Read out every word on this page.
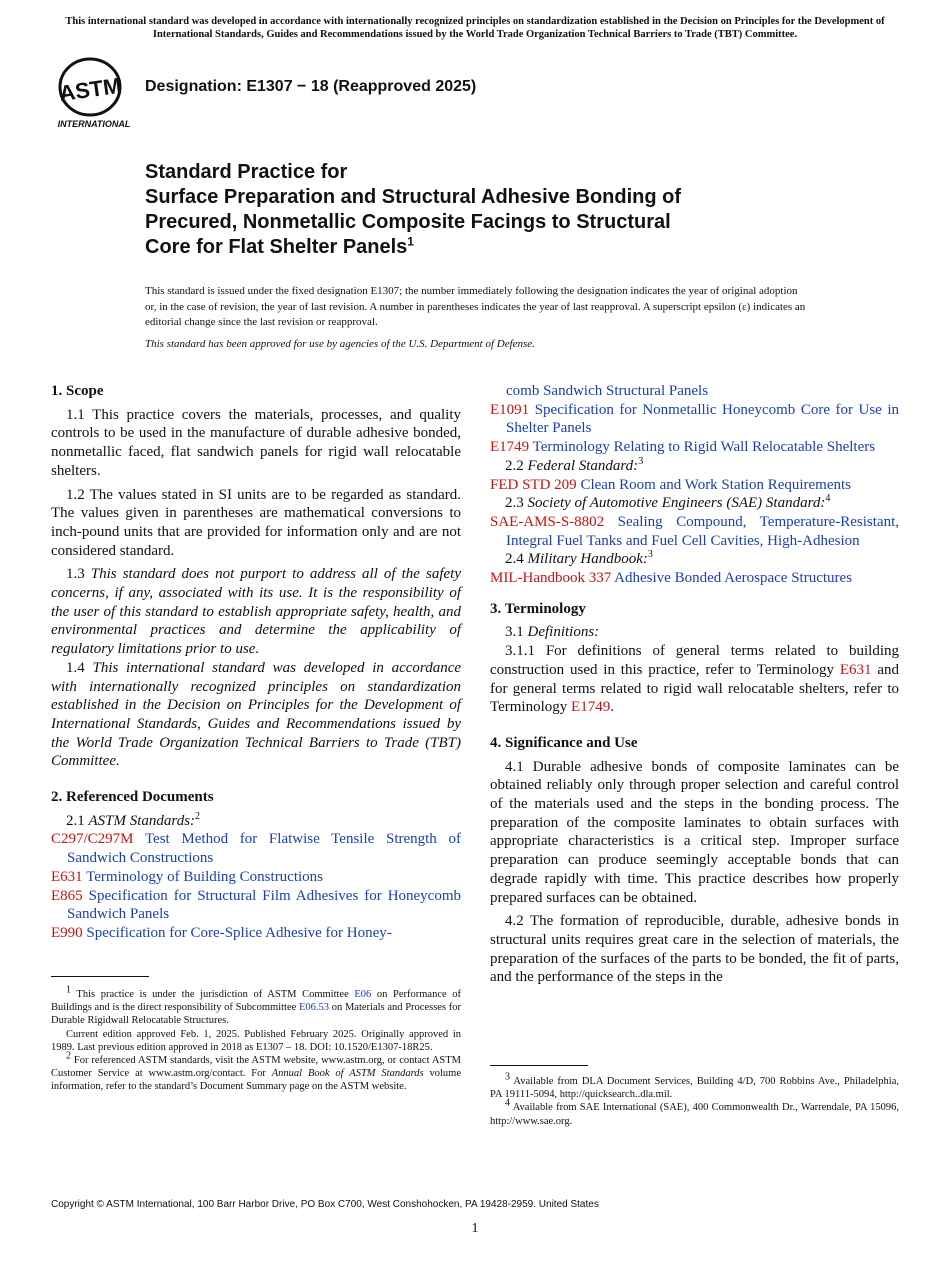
This international standard was developed in accordance with internationally recognized principles on standardization established in the Decision on Principles for the Development of International Standards, Guides and Recommendations issued by the World Trade Organization Technical Barriers to Trade (TBT) Committee.
ASTM
INTERNATIONAL
Designation: E1307 − 18 (Reapproved 2025)
Standard Practice for
Surface Preparation and Structural Adhesive Bonding of
Precured, Nonmetallic Composite Facings to Structural
Core for Flat Shelter Panels$^1$
This standard is issued under the fixed designation E1307; the number immediately following the designation indicates the year of original adoption or, in the case of revision, the year of last revision. A number in parentheses indicates the year of last reapproval. A superscript epsilon (ε) indicates an editorial change since the last revision or reapproval.
This standard has been approved for use by agencies of the U.S. Department of Defense.
1. Scope
1.1 This practice covers the materials, processes, and quality controls to be used in the manufacture of durable adhesive bonded, nonmetallic faced, flat sandwich panels for rigid wall relocatable shelters.
1.2 The values stated in SI units are to be regarded as standard. The values given in parentheses are mathematical conversions to inch-pound units that are provided for information only and are not considered standard.
1.3 This standard does not purport to address all of the safety concerns, if any, associated with its use. It is the responsibility of the user of this standard to establish appropriate safety, health, and environmental practices and determine the applicability of regulatory limitations prior to use.
1.4 This international standard was developed in accordance with internationally recognized principles on standardization established in the Decision on Principles for the Development of International Standards, Guides and Recommendations issued by the World Trade Organization Technical Barriers to Trade (TBT) Committee.
2. Referenced Documents
2.1 ASTM Standards:$^2$
C297/C297M Test Method for Flatwise Tensile Strength of Sandwich Constructions
E631 Terminology of Building Constructions
E865 Specification for Structural Film Adhesives for Honeycomb Sandwich Panels
E990 Specification for Core-Splice Adhesive for Honey-

$^1$ This practice is under the jurisdiction of ASTM Committee E06 on Performance of Buildings and is the direct responsibility of Subcommittee E06.53 on Materials and Processes for Durable Rigidwall Relocatable Structures.

Current edition approved Feb. 1, 2025. Published February 2025. Originally approved in 1989. Last previous edition approved in 2018 as E1307 – 18. DOI: 10.1520/E1307-18R25.

$^2$ For referenced ASTM standards, visit the ASTM website, www.astm.org, or contact ASTM Customer Service at www.astm.org/contact. For Annual Book of ASTM Standards volume information, refer to the standard’s Document Summary page on the ASTM website.

comb Sandwich Structural Panels
E1091 Specification for Nonmetallic Honeycomb Core for Use in Shelter Panels
E1749 Terminology Relating to Rigid Wall Relocatable Shelters
2.2 Federal Standard:$^3$
FED STD 209 Clean Room and Work Station Requirements
2.3 Society of Automotive Engineers (SAE) Standard:$^4$
SAE-AMS-S-8802 Sealing Compound, Temperature-Resistant, Integral Fuel Tanks and Fuel Cell Cavities, High-Adhesion
2.4 Military Handbook:$^3$
MIL-Handbook 337 Adhesive Bonded Aerospace Structures
3. Terminology
3.1 Definitions:
3.1.1 For definitions of general terms related to building construction used in this practice, refer to Terminology E631 and for general terms related to rigid wall relocatable shelters, refer to Terminology E1749.
4. Significance and Use
4.1 Durable adhesive bonds of composite laminates can be obtained reliably only through proper selection and careful control of the materials used and the steps in the bonding process. The preparation of the composite laminates to obtain surfaces with appropriate characteristics is a critical step. Improper surface preparation can produce seemingly acceptable bonds that can degrade rapidly with time. This practice describes how properly prepared surfaces can be obtained.
4.2 The formation of reproducible, durable, adhesive bonds in structural units requires great care in the selection of materials, the preparation of the surfaces of the parts to be bonded, the fit of parts, and the performance of the steps in the

$^3$ Available from DLA Document Services, Building 4/D, 700 Robbins Ave., Philadelphia, PA 19111-5094, http://quicksearch..dla.mil.

$^4$ Available from SAE International (SAE), 400 Commonwealth Dr., Warrendale, PA 15096, http://www.sae.org.

Copyright © ASTM International, 100 Barr Harbor Drive, PO Box C700, West Conshohocken, PA 19428-2959. United States
1
